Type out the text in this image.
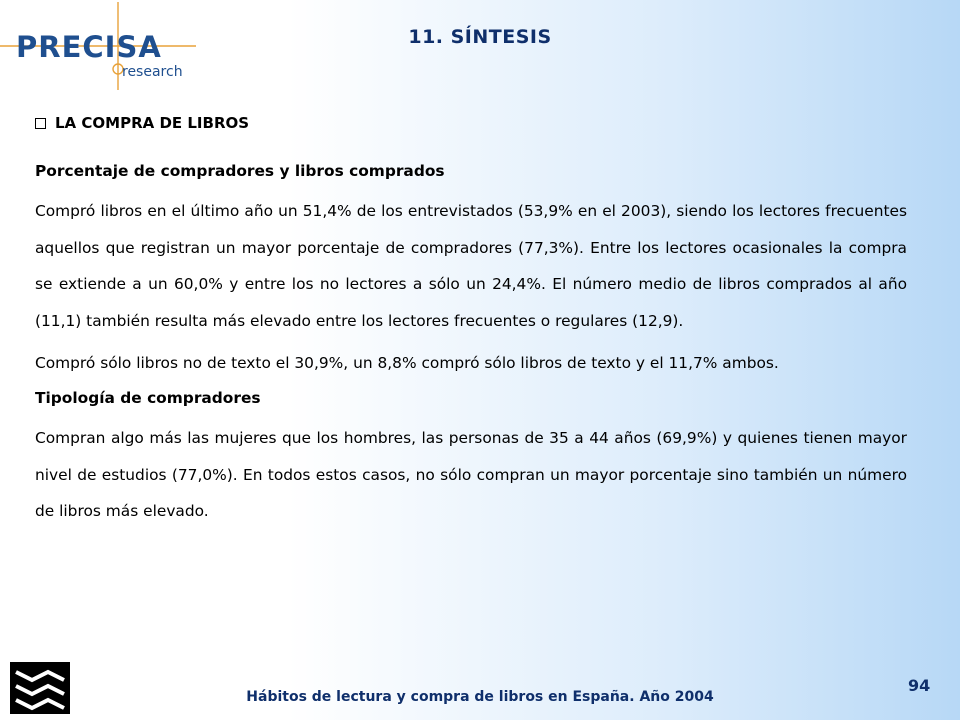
PRECISA
research
11. SÍNTESIS
LA COMPRA DE LIBROS
Porcentaje de compradores y libros comprados
Compró libros en el último año un 51,4% de los entrevistados (53,9% en el 2003), siendo los lectores frecuentes aquellos que registran un mayor porcentaje de compradores (77,3%). Entre los lectores ocasionales la compra se extiende a un 60,0% y entre los no lectores a sólo un 24,4%. El número medio de libros comprados al año (11,1) también resulta más elevado entre los lectores frecuentes o regulares (12,9).
Compró sólo libros no de texto el 30,9%, un 8,8% compró sólo libros de texto y el 11,7% ambos.
Tipología de compradores
Compran algo más las mujeres que los hombres, las personas de 35 a 44 años (69,9%) y quienes tienen mayor nivel de estudios (77,0%). En todos estos casos, no sólo compran un mayor porcentaje sino también un número de libros más elevado.
Hábitos de lectura y compra de libros en España. Año 2004
94
